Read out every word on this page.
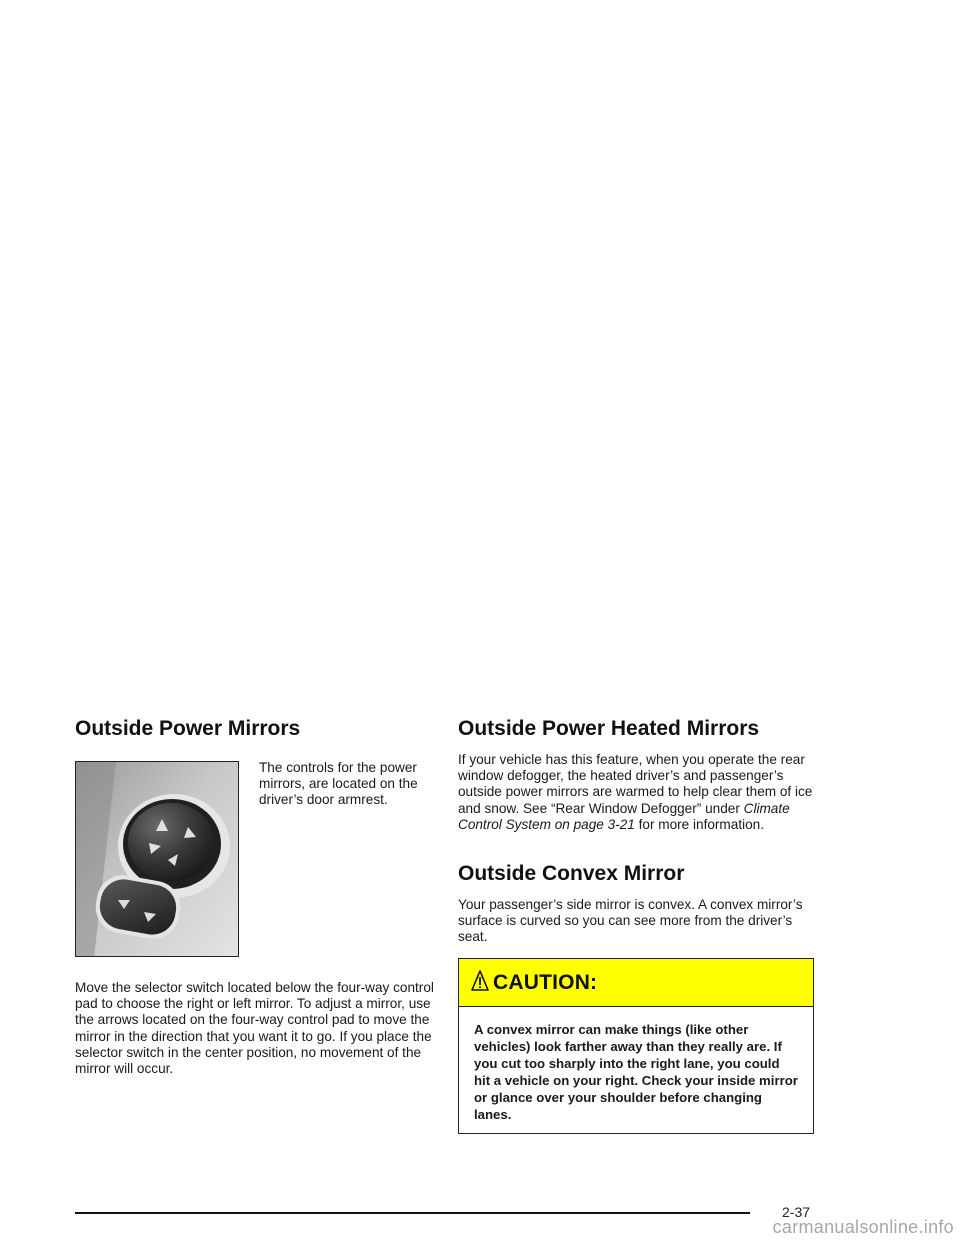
Outside Power Mirrors

The controls for the power mirrors, are located on the driver’s door armrest.

Move the selector switch located below the four-way control pad to choose the right or left mirror. To adjust a mirror, use the arrows located on the four-way control pad to move the mirror in the direction that you want it to go. If you place the selector switch in the center position, no movement of the mirror will occur.

Outside Power Heated Mirrors

If your vehicle has this feature, when you operate the rear window defogger, the heated driver’s and passenger’s outside power mirrors are warmed to help clear them of ice and snow. See “Rear Window Defogger” under Climate Control System on page 3-21 for more information.

Outside Convex Mirror

Your passenger’s side mirror is convex. A convex mirror’s surface is curved so you can see more from the driver’s seat.

CAUTION:

A convex mirror can make things (like other vehicles) look farther away than they really are. If you cut too sharply into the right lane, you could hit a vehicle on your right. Check your inside mirror or glance over your shoulder before changing lanes.

2-37
carmanualsonline.info
